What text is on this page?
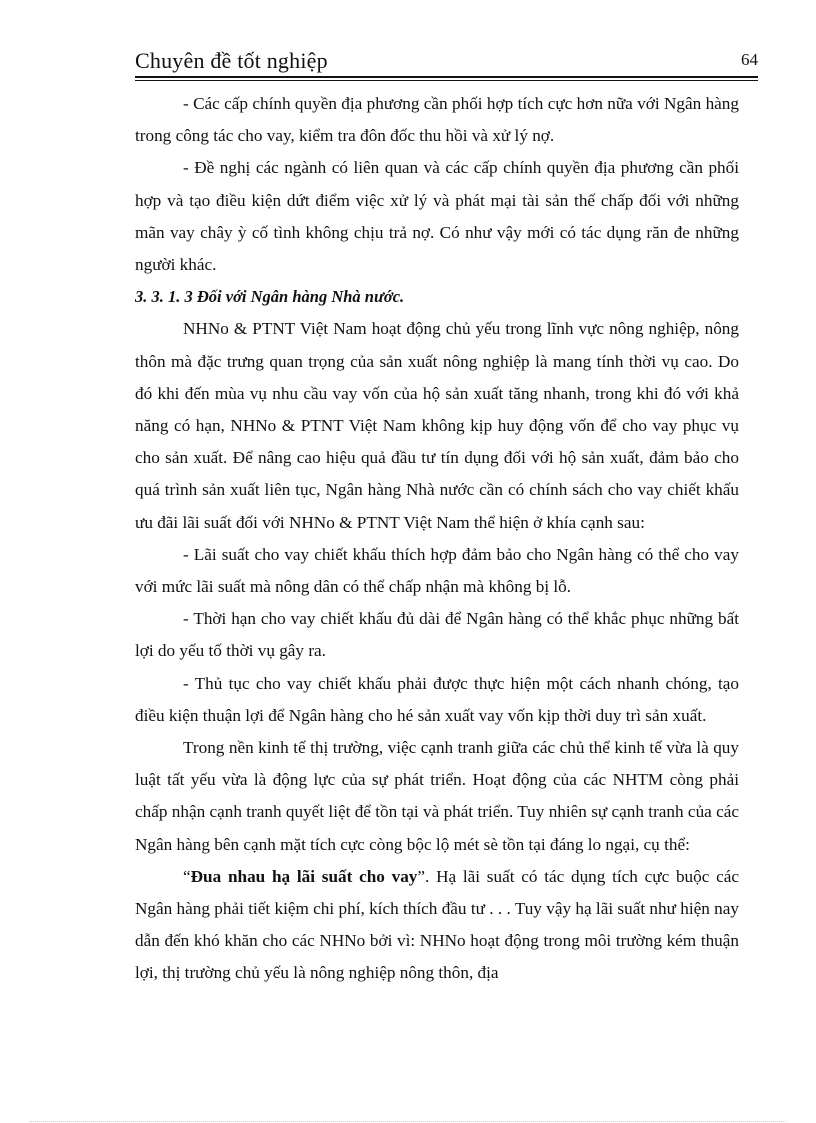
Chuyên đề tốt nghiệp	64

- Các cấp chính quyền địa phương cần phối hợp tích cực hơn nữa với Ngân hàng trong công tác cho vay, kiểm tra đôn đốc thu hồi và xử lý nợ.

- Đề nghị các ngành có liên quan và các cấp chính quyền địa phương cần phối hợp và tạo điều kiện dứt điểm việc xử lý và phát mại tài sản thế chấp đối với những mãn vay chây ỳ cố tình không chịu trả nợ. Có như vậy mới có tác dụng răn đe những người khác.

3. 3. 1. 3 Đối với Ngân hàng Nhà nước.

NHNo & PTNT Việt Nam hoạt động chủ yếu trong lĩnh vực nông nghiệp, nông thôn mà đặc trưng quan trọng của sản xuất nông nghiệp là mang tính thời vụ cao. Do đó khi đến mùa vụ nhu cầu vay vốn của hộ sản xuất tăng nhanh, trong khi đó với khả năng có hạn, NHNo & PTNT Việt Nam không kịp huy động vốn để cho vay phục vụ cho sản xuất. Để nâng cao hiệu quả đầu tư tín dụng đối với hộ sản xuất, đảm bảo cho quá trình sản xuất liên tục, Ngân hàng Nhà nước cần có chính sách cho vay chiết khấu ưu đãi lãi suất đối với NHNo & PTNT Việt Nam thể hiện ở khía cạnh sau:

- Lãi suất cho vay chiết khấu thích hợp đảm bảo cho Ngân hàng có thể cho vay với mức lãi suất mà nông dân có thể chấp nhận mà không bị lỗ.

- Thời hạn cho vay chiết khấu đủ dài để Ngân hàng có thể khắc phục những bất lợi do yếu tố thời vụ gây ra.

- Thủ tục cho vay chiết khấu phải được thực hiện một cách nhanh chóng, tạo điều kiện thuận lợi để Ngân hàng cho hé sản xuất vay vốn kịp thời duy trì sản xuất.

Trong nền kinh tế thị trường, việc cạnh tranh giữa các chủ thể kinh tế vừa là quy luật tất yếu vừa là động lực của sự phát triển. Hoạt động của các NHTM còng phải chấp nhận cạnh tranh quyết liệt để tồn tại và phát triển. Tuy nhiên sự cạnh tranh của các Ngân hàng bên cạnh mặt tích cực còng bộc lộ mét sè tồn tại đáng lo ngại, cụ thể:

“Đua nhau hạ lãi suất cho vay”. Hạ lãi suất có tác dụng tích cực buộc các Ngân hàng phải tiết kiệm chi phí, kích thích đầu tư . . . Tuy vậy hạ lãi suất như hiện nay dẫn đến khó khăn cho các NHNo bởi vì: NHNo hoạt động trong môi trường kém thuận lợi, thị trường chủ yếu là nông nghiệp nông thôn, địa
